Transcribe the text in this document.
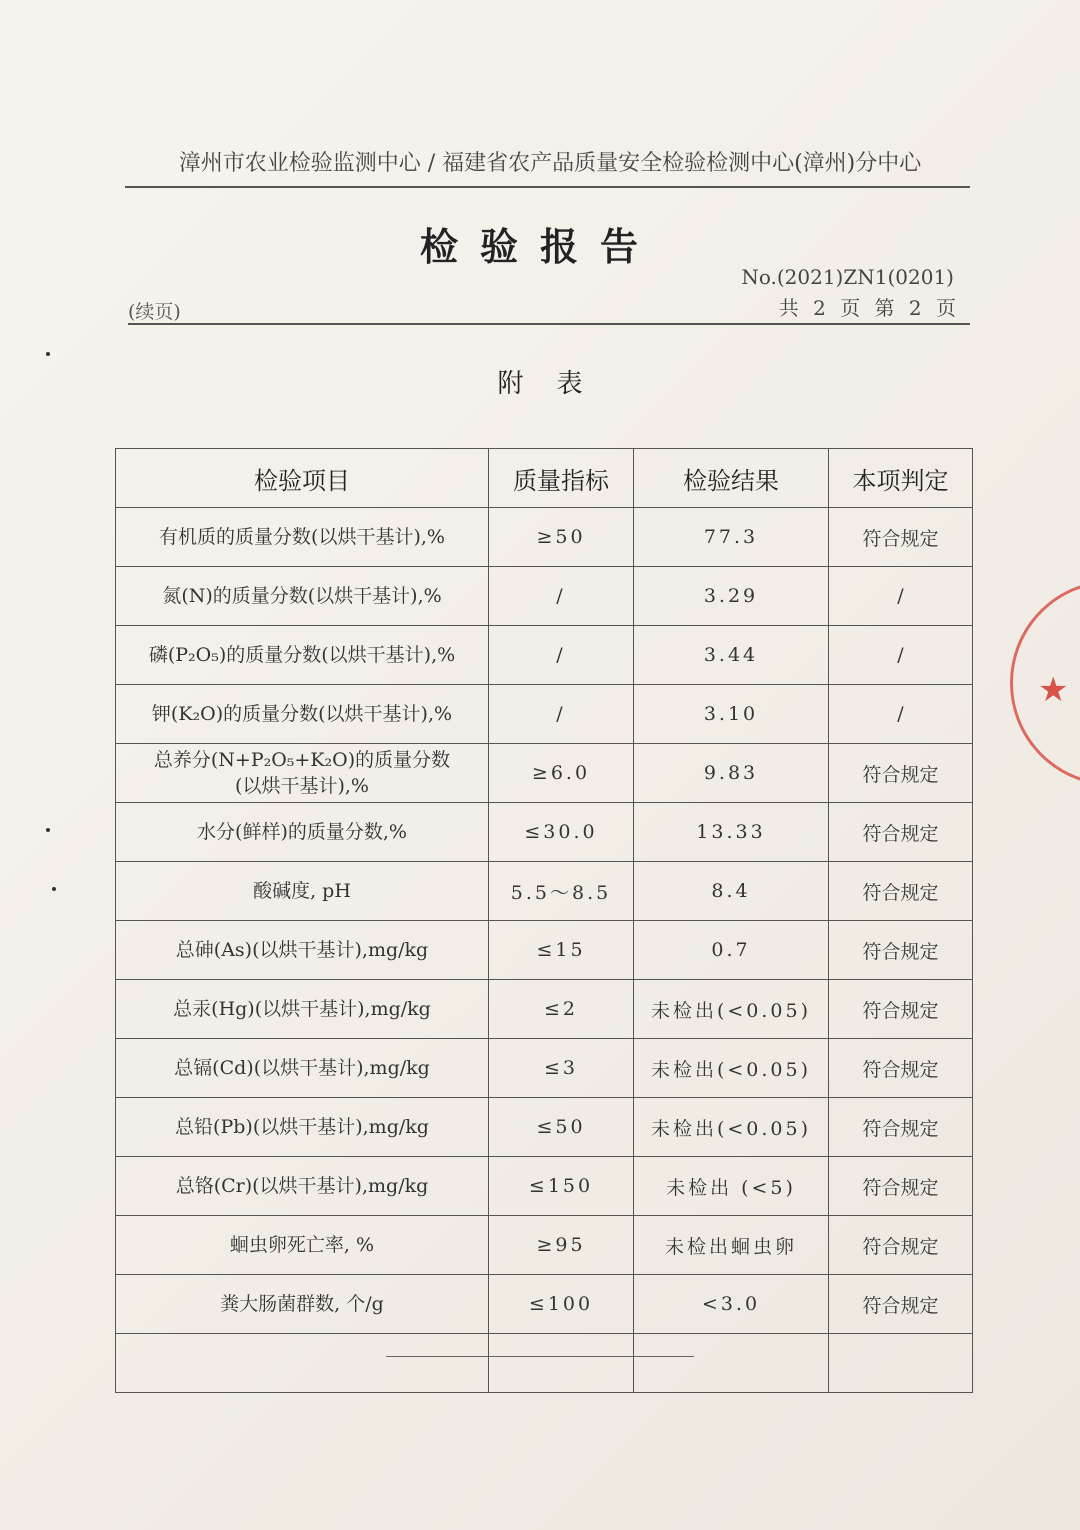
漳州市农业检验监测中心 / 福建省农产品质量安全检验检测中心(漳州)分中心
检验报告
No.(2021)ZN1(0201)
(续页)	共 2 页 第 2 页
附    表
检验项目	质量指标	检验结果	本项判定
有机质的质量分数(以烘干基计),%	≥50	77.3	符合规定
氮(N)的质量分数(以烘干基计),%	/	3.29	/
磷(P₂O₅)的质量分数(以烘干基计),%	/	3.44	/
钾(K₂O)的质量分数(以烘干基计),%	/	3.10	/

总养分(N+P₂O₅+K₂O)的质量分数
(以烘干基计),%	≥6.0	9.83	符合规定
水分(鲜样)的质量分数,%	≤30.0	13.33	符合规定
酸碱度, pH	5.5～8.5	8.4	符合规定
总砷(As)(以烘干基计),mg/kg	≤15	0.7	符合规定
总汞(Hg)(以烘干基计),mg/kg	≤2	未检出(<0.05)	符合规定
总镉(Cd)(以烘干基计),mg/kg	≤3	未检出(<0.05)	符合规定
总铅(Pb)(以烘干基计),mg/kg	≤50	未检出(<0.05)	符合规定
总铬(Cr)(以烘干基计),mg/kg	≤150	未检出 (<5)	符合规定
蛔虫卵死亡率, %	≥95	未检出蛔虫卵	符合规定
粪大肠菌群数, 个/g	≤100	<3.0	符合规定

★
